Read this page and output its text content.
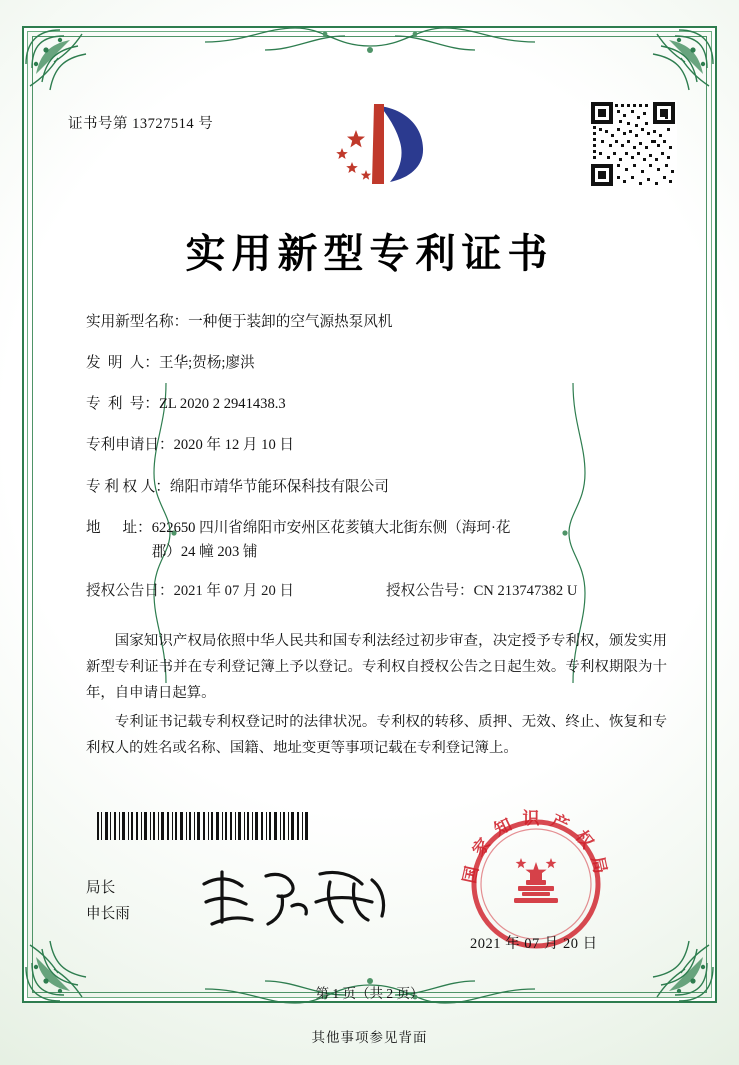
证书号第 13727514 号
实用新型专利证书
实用新型名称： 一种便于装卸的空气源热泵风机
发  明  人： 王华;贺杨;廖洪
专  利  号： ZL 2020 2 2941438.3
专利申请日： 2020 年 12 月 10 日
专 利 权 人： 绵阳市靖华节能环保科技有限公司
地      址： 622650 四川省绵阳市安州区花荄镇大北街东侧（海珂·花
郡）24 幢 203 铺
授权公告日：2021 年 07 月 20 日	授权公告号：CN 213747382 U

国家知识产权局依照中华人民共和国专利法经过初步审查，决定授予专利权，颁发实用新型专利证书并在专利登记簿上予以登记。专利权自授权公告之日起生效。专利权期限为十年，自申请日起算。

专利证书记载专利权登记时的法律状况。专利权的转移、质押、无效、终止、恢复和专利权人的姓名或名称、国籍、地址变更等事项记载在专利登记簿上。

局长
申长雨
国家知识产权局
2021 年 07 月 20 日
第 1 页（共 2 页）
其他事项参见背面
